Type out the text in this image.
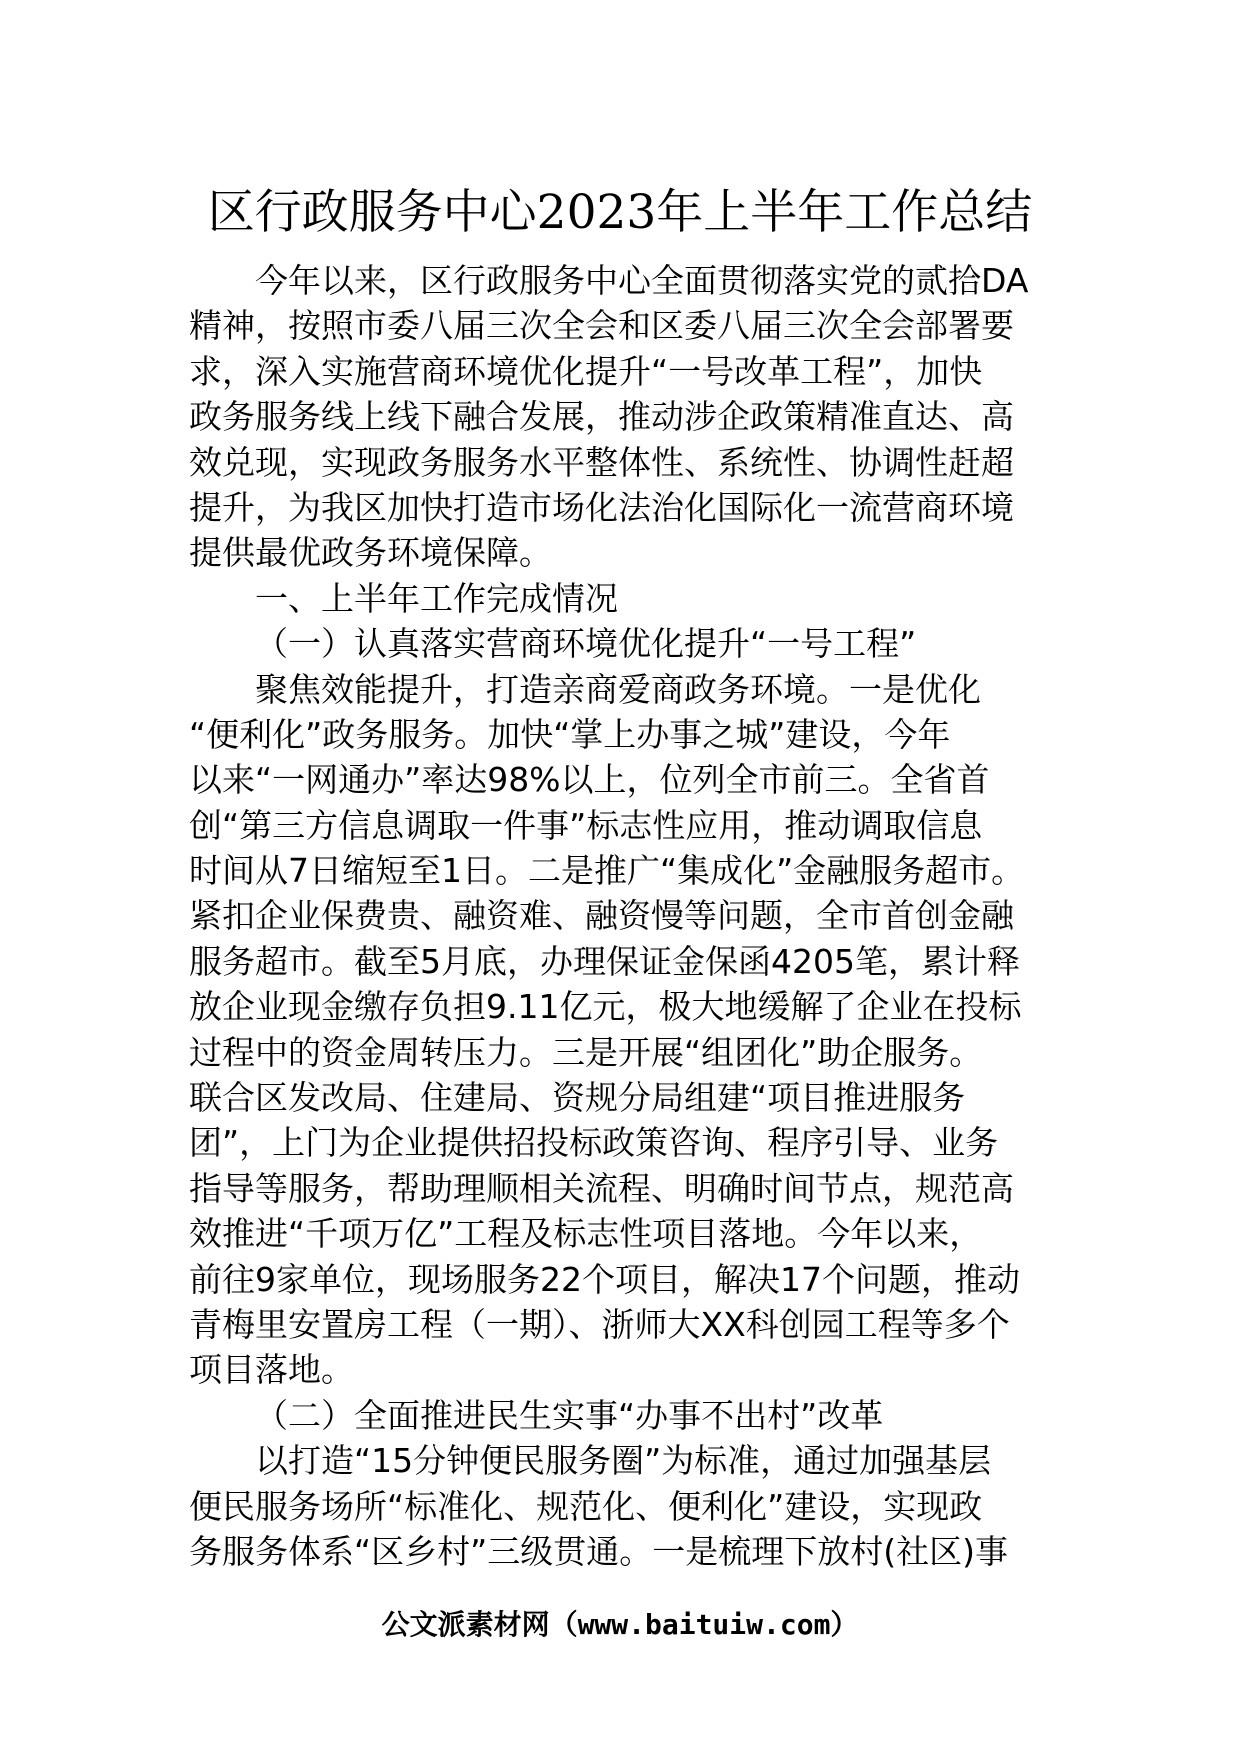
区行政服务中心2023年上半年工作总结
今年以来，区行政服务中心全面贯彻落实党的贰拾DA
精神，按照市委八届三次全会和区委八届三次全会部署要
求，深入实施营商环境优化提升“一号改革工程”，加快
政务服务线上线下融合发展，推动涉企政策精准直达、高
效兑现，实现政务服务水平整体性、系统性、协调性赶超
提升，为我区加快打造市场化法治化国际化一流营商环境
提供最优政务环境保障。
一、上半年工作完成情况
（一）认真落实营商环境优化提升“一号工程”
聚焦效能提升，打造亲商爱商政务环境。一是优化
“便利化”政务服务。加快“掌上办事之城”建设，今年
以来“一网通办”率达98%以上，位列全市前三。全省首
创“第三方信息调取一件事”标志性应用，推动调取信息
时间从7日缩短至1日。二是推广“集成化”金融服务超市。
紧扣企业保费贵、融资难、融资慢等问题，全市首创金融
服务超市。截至5月底，办理保证金保函4205笔，累计释
放企业现金缴存负担9.11亿元，极大地缓解了企业在投标
过程中的资金周转压力。三是开展“组团化”助企服务。
联合区发改局、住建局、资规分局组建“项目推进服务
团”，上门为企业提供招投标政策咨询、程序引导、业务
指导等服务，帮助理顺相关流程、明确时间节点，规范高
效推进“千项万亿”工程及标志性项目落地。今年以来，
前往9家单位，现场服务22个项目，解决17个问题，推动
青梅里安置房工程（一期）、浙师大XX科创园工程等多个
项目落地。
（二）全面推进民生实事“办事不出村”改革
以打造“15分钟便民服务圈”为标准，通过加强基层
便民服务场所“标准化、规范化、便利化”建设，实现政
务服务体系“区乡村”三级贯通。一是梳理下放村(社区)事
公文派素材网（www.baituiw.com）
